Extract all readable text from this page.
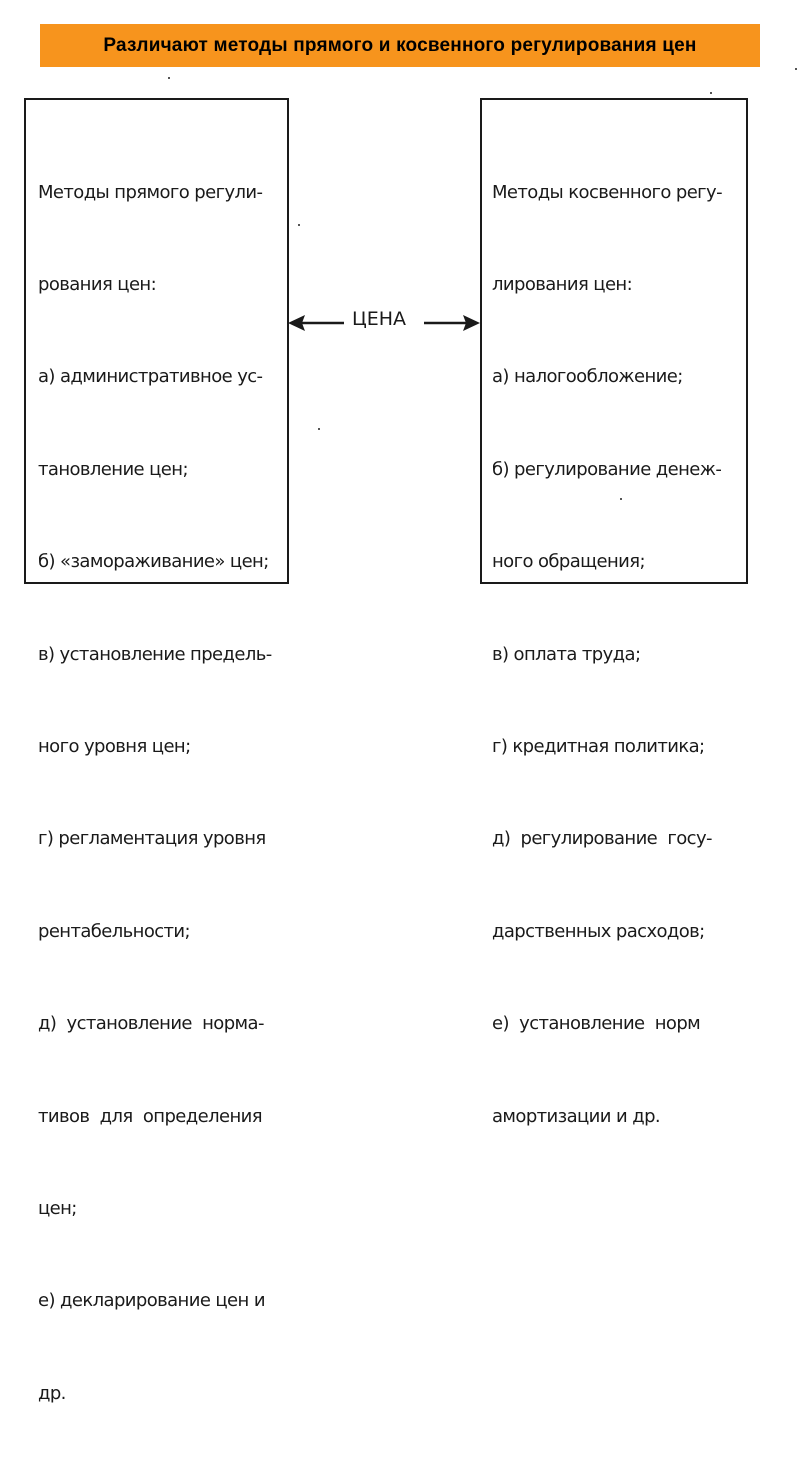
Различают методы прямого и косвенного регулирования цен

Методы прямого регули-

рования цен:

а) административное ус-

тановление цен;

б) «замораживание» цен;

в) установление предель-

ного уровня цен;

г) регламентация уровня

рентабельности;

д)  установление  норма-

тивов  для  определения

цен;

е) декларирование цен и

др.

Методы косвенного регу-

лирования цен:

а) налогообложение;

б) регулирование денеж-

ного обращения;

в) оплата труда;

г) кредитная политика;

д)  регулирование  госу-

дарственных расходов;

е)  установление  норм

амортизации и др.

ЦЕНА
